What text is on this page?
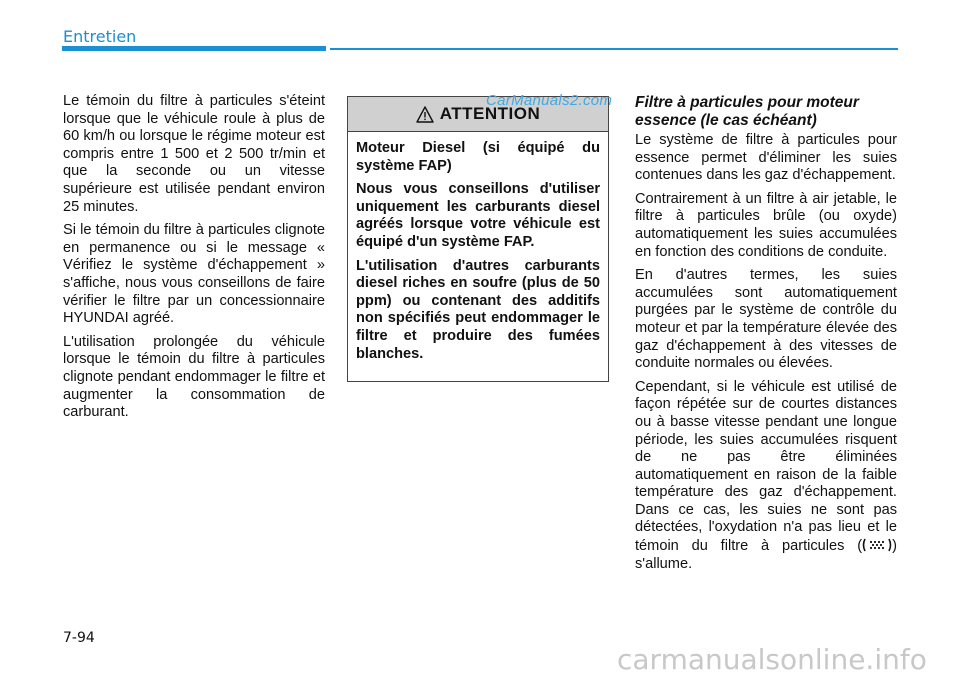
Entretien

Le témoin du filtre à particules s'éteint lorsque que le véhicule roule à plus de 60 km/h ou lorsque le régime moteur est compris entre 1 500 et 2 500 tr/min et que la seconde ou un vitesse supérieure est utilisée pendant environ 25 minutes.

Si le témoin du filtre à particules clignote en permanence ou si le message « Vérifiez le système d'échappement » s'affiche, nous vous conseillons de faire vérifier le filtre par un concessionnaire HYUNDAI agréé.

L'utilisation prolongée du véhicule lorsque le témoin du filtre à particules clignote pendant endommager le filtre et augmenter la consommation de carburant.

ATTENTION

Moteur Diesel (si équipé du système FAP)

Nous vous conseillons d'utiliser uniquement les carburants diesel agréés lorsque votre véhicule est équipé d'un système FAP.

L'utilisation d'autres carburants diesel riches en soufre (plus de 50 ppm) ou contenant des additifs non spécifiés peut endommager le filtre et produire des fumées blanches.

CarManuals2.com Filtre à particules pour moteur essence (le cas échéant)

Le système de filtre à particules pour essence permet d'éliminer les suies contenues dans les gaz d'échappement.

Contrairement à un filtre à air jetable, le filtre à particules brûle (ou oxyde) automatiquement les suies accumulées en fonction des conditions de conduite.

En d'autres termes, les suies accumulées sont automatiquement purgées par le système de contrôle du moteur et par la température élevée des gaz d'échappement à des vitesses de conduite normales ou élevées.

Cependant, si le véhicule est utilisé de façon répétée sur de courtes distances ou à basse vitesse pendant une longue période, les suies accumulées risquent de ne pas être éliminées automatiquement en raison de la faible température des gaz d'échappement. Dans ce cas, les suies ne sont pas détectées, l'oxydation n'a pas lieu et le témoin du filtre à particules ( ) s'allume.

7-94
carmanualsonline.info
